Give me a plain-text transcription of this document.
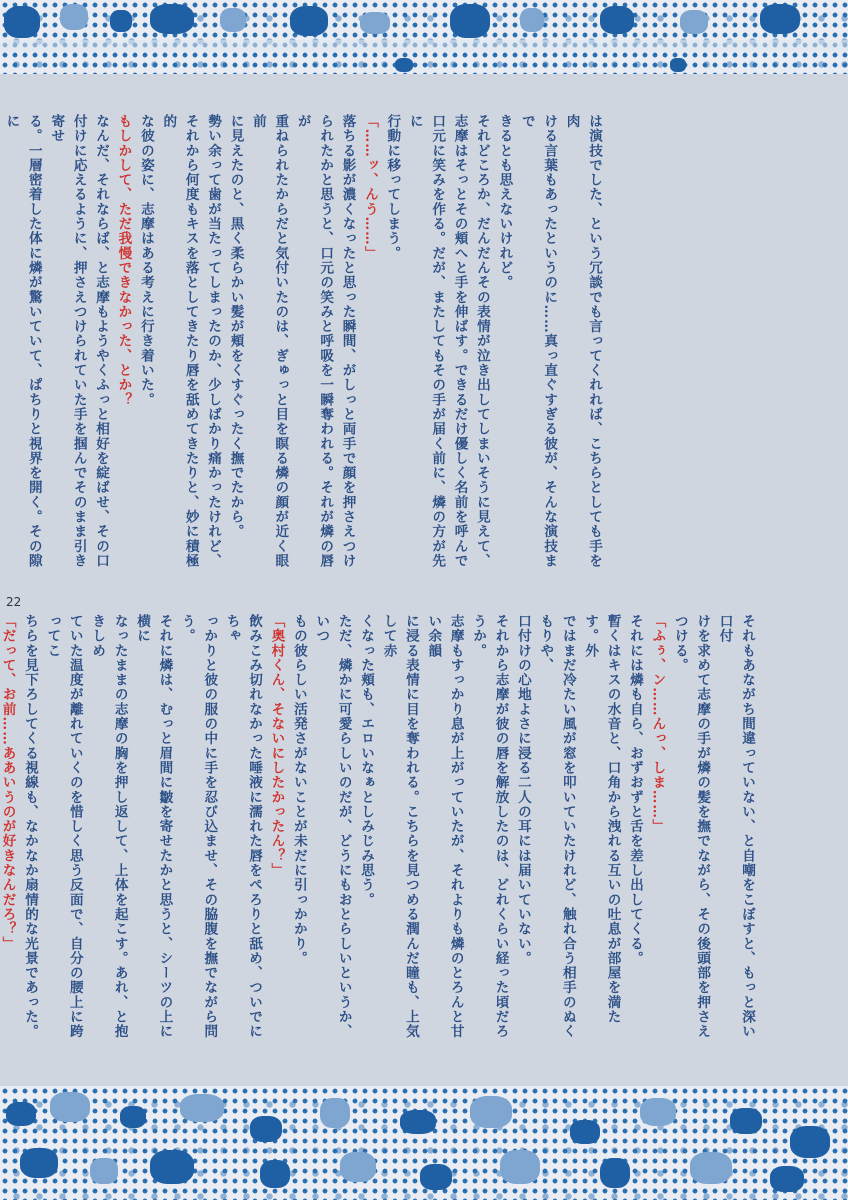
22

は演技でした、という冗談でも言ってくれれば、こちらとしても手を肉

ける言葉もあったというのに……真っ直ぐすぎる彼が、そんな演技まで

きるとも思えないけれど。

それどころか、だんだんその表情が泣き出してしまいそうに見えて、

志摩はそっとその頬へと手を伸ばす。できるだけ優しく名前を呼んで

口元に笑みを作る。だが、またしてもその手が届く前に、燐の方が先に

行動に移ってしまう。

「……ッ、んう……」

落ちる影が濃くなったと思った瞬間、がしっと両手で顔を押さえつけ

られたかと思うと、口元の笑みと呼吸を一瞬奪われる。それが燐の唇が

重ねられたからだと気付いたのは、ぎゅっと目を瞑る燐の顔が近く眼前

に見えたのと、黒く柔らかい髪が頬をくすぐったく撫でたから。

勢い余って歯が当たってしまったのか、少しばかり痛かったけれど、

それから何度もキスを落としてきたり唇を舐めてきたりと、妙に積極的

な彼の姿に、志摩はある考えに行き着いた。

もしかして、ただ我慢できなかった、とか？

なんだ、それならば、と志摩もようやくふっと相好を綻ばせ、その口

付けに応えるように、押さえつけられていた手を掴んでそのまま引き寄せ

る。一層密着した体に燐が驚いていて、ぱちりと視界を開く。その隙に

それもあながち間違っていない、と自嘲をこぼすと、もっと深い口付

けを求めて志摩の手が燐の髪を撫でながら、その後頭部を押さえつける。

「ふぅ、ン……んっ、しま……」

それには燐も自ら、おずおずと舌を差し出してくる。

暫くはキスの水音と、口角から洩れる互いの吐息が部屋を満たす。外

ではまだ冷たい風が窓を叩いていたけれど、触れ合う相手のぬくもりや、

口付けの心地よさに浸る二人の耳には届いていない。

それから志摩が彼の唇を解放したのは、どれくらい経った頃だろうか。

志摩もすっかり息が上がっていたが、それよりも燐のとろんと甘い余韻

に浸る表情に目を奪われる。こちらを見つめる潤んだ瞳も、上気して赤

くなった頬も、エロいなぁとしみじみ思う。

ただ、燐かに可愛らしいのだが、どうにもおとらしいというか、いつ

もの彼らしい活発さがないことが未だに引っかかり。

「奥村くん、そないにしたかったん？」

飲みこみ切れなかった唾液に濡れた唇をぺろりと舐め、ついでにちゃ

っかりと彼の服の中に手を忍び込ませ、その脇腹を撫でながら問う。

それに燐は、むっと眉間に皺を寄せたかと思うと、シーツの上に横に

なったままの志摩の胸を押し返して、上体を起こす。あれ、と抱きしめ

ていた温度が離れていくのを惜しく思う反面で、自分の腰上に跨ってこ

ちらを見下ろしてくる視線も、なかなか扇情的な光景であった。

「だって、お前……ああいうのが好きなんだろ？」
